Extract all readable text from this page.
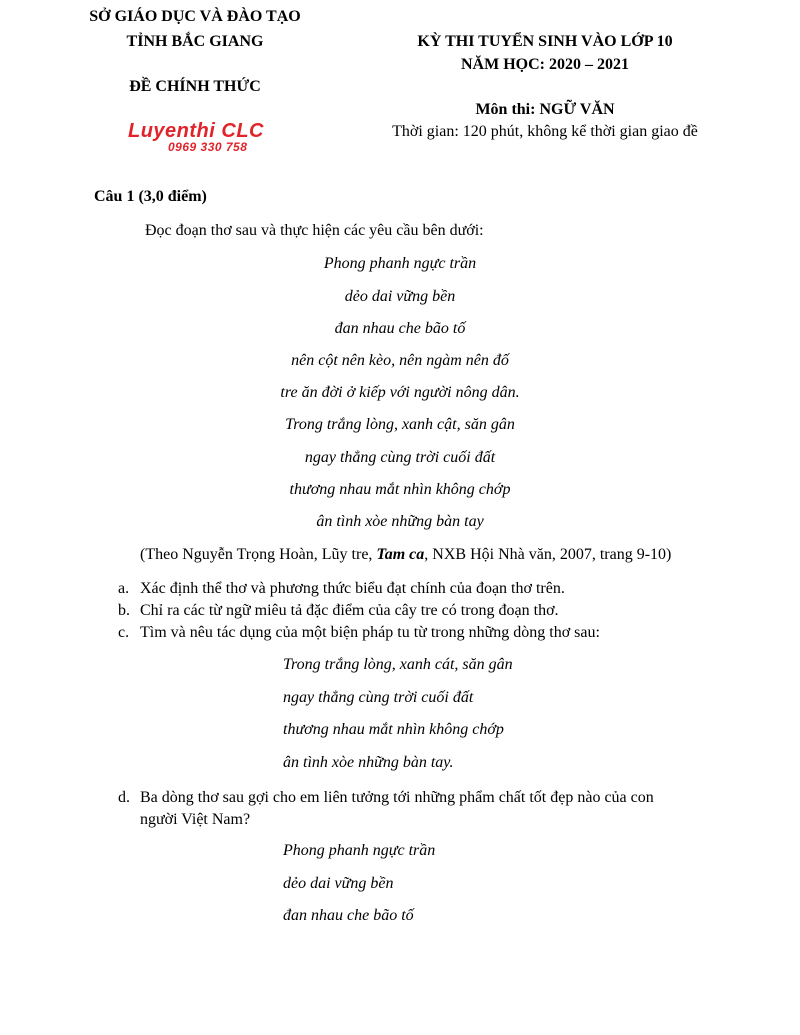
SỞ GIÁO DỤC VÀ ĐÀO TẠO
TỈNH BẮC GIANG
ĐỀ CHÍNH THỨC
Luyenthi CLC
0969 330 758
KỲ THI TUYỂN SINH VÀO LỚP 10
NĂM HỌC: 2020 – 2021
Môn thi: NGỮ VĂN
Thời gian: 120 phút, không kể thời gian giao đề
Câu 1 (3,0 điểm)
Đọc đoạn thơ sau và thực hiện các yêu cầu bên dưới:
Phong phanh ngực trần
dẻo dai vững bền
đan nhau che bão tố
nên cột nên kèo, nên ngàm nên đố
tre ăn đời ở kiếp với người nông dân.
Trong trắng lòng, xanh cật, săn gân
ngay thẳng cùng trời cuối đất
thương nhau mắt nhìn không chớp
ân tình xòe những bàn tay
(Theo Nguyễn Trọng Hoàn, Lũy tre, Tam ca, NXB Hội Nhà văn, 2007, trang 9-10)
a. Xác định thể thơ và phương thức biểu đạt chính của đoạn thơ trên.
b. Chỉ ra các từ ngữ miêu tả đặc điểm của cây tre có trong đoạn thơ.
c. Tìm và nêu tác dụng của một biện pháp tu từ trong những dòng thơ sau:
Trong trắng lòng, xanh cát, săn gân
ngay thẳng cùng trời cuối đất
thương nhau mắt nhìn không chớp
ân tình xòe những bàn tay.
d. Ba dòng thơ sau gợi cho em liên tưởng tới những phẩm chất tốt đẹp nào của con
người Việt Nam?
Phong phanh ngực trần
dẻo dai vững bền
đan nhau che bão tố
